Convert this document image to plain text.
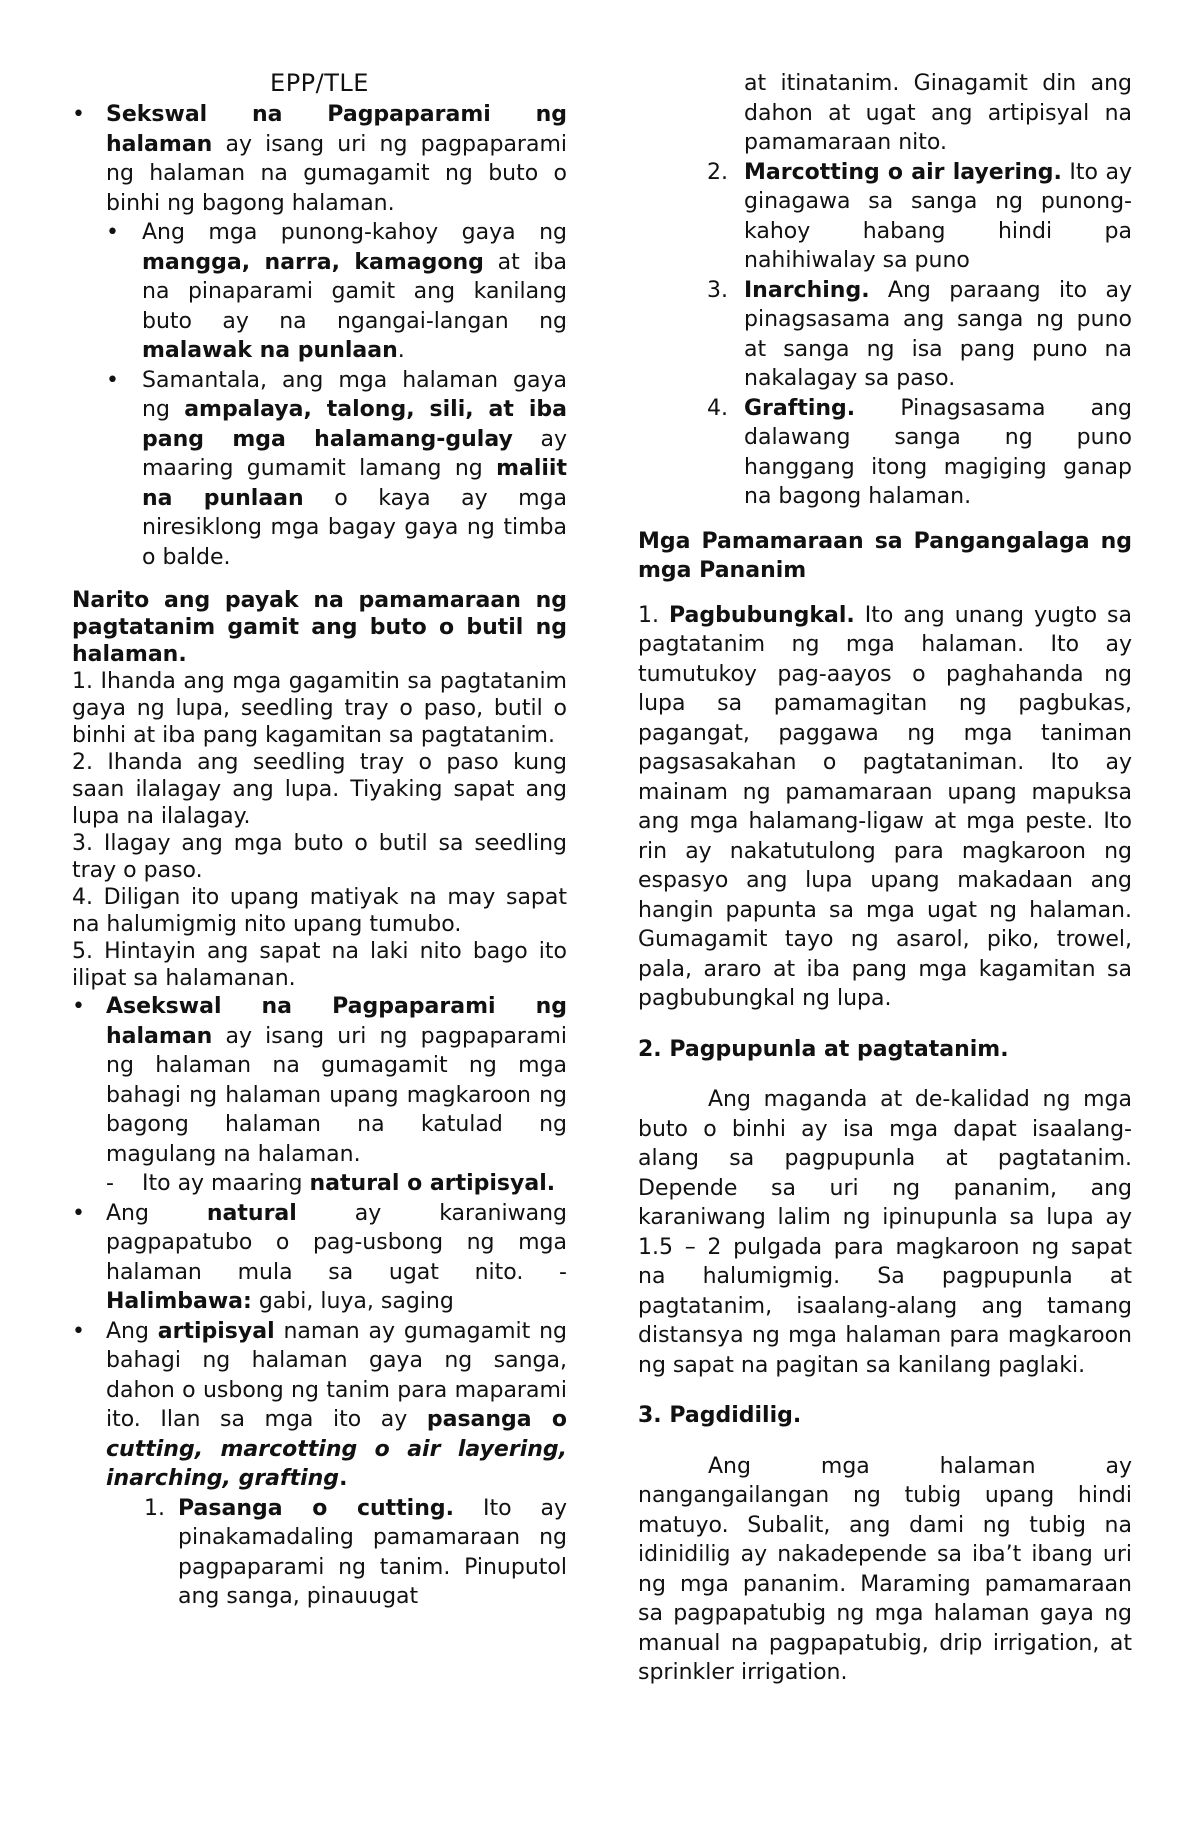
EPP/TLE

• Sekswal na Pagpaparami ng halaman ay isang uri ng pagpaparami ng halaman na gumagamit ng buto o binhi ng bagong halaman.

• Ang mga punong-kahoy gaya ng mangga, narra, kamagong at iba na pinaparami gamit ang kanilang buto ay na ngangai-langan ng malawak na punlaan.

• Samantala, ang mga halaman gaya ng ampalaya, talong, sili, at iba pang mga halamang-gulay ay maaring gumamit lamang ng maliit na punlaan o kaya ay mga niresiklong mga bagay gaya ng timba o balde.

Narito ang payak na pamamaraan ng pagtatanim gamit ang buto o butil ng halaman.

1. Ihanda ang mga gagamitin sa pagtatanim gaya ng lupa, seedling tray o paso, butil o binhi at iba pang kagamitan sa pagtatanim.

2. Ihanda ang seedling tray o paso kung saan ilalagay ang lupa. Tiyaking sapat ang lupa na ilalagay.

3. Ilagay ang mga buto o butil sa seedling tray o paso.

4. Diligan ito upang matiyak na may sapat na halumigmig nito upang tumubo.

5. Hintayin ang sapat na laki nito bago ito ilipat sa halamanan.

• Asekswal na Pagpaparami ng halaman ay isang uri ng pagpaparami ng halaman na gumagamit ng mga bahagi ng halaman upang magkaroon ng bagong halaman na katulad ng magulang na halaman.

- Ito ay maaring natural o artipisyal.

• Ang natural ay karaniwang pagpapatubo o pag-usbong ng mga halaman mula sa ugat nito. - Halimbawa: gabi, luya, saging

• Ang artipisyal naman ay gumagamit ng bahagi ng halaman gaya ng sanga, dahon o usbong ng tanim para maparami ito. Ilan sa mga ito ay pasanga o cutting, marcotting o air layering, inarching, grafting.

1. Pasanga o cutting. Ito ay pinakamadaling pamamaraan ng pagpaparami ng tanim. Pinuputol ang sanga, pinauugat

at itinatanim. Ginagamit din ang dahon at ugat ang artipisyal na pamamaraan nito.

2. Marcotting o air layering. Ito ay ginagawa sa sanga ng punong-kahoy habang hindi pa nahihiwalay sa puno

3. Inarching. Ang paraang ito ay pinagsasama ang sanga ng puno at sanga ng isa pang puno na nakalagay sa paso.

4. Grafting. Pinagsasama ang dalawang sanga ng puno hanggang itong magiging ganap na bagong halaman.

Mga Pamamaraan sa Pangangalaga ng mga Pananim

1. Pagbubungkal. Ito ang unang yugto sa pagtatanim ng mga halaman. Ito ay tumutukoy pag-aayos o paghahanda ng lupa sa pamamagitan ng pagbukas, pagangat, paggawa ng mga taniman pagsasakahan o pagtataniman. Ito ay mainam ng pamamaraan upang mapuksa ang mga halamang-ligaw at mga peste. Ito rin ay nakatutulong para magkaroon ng espasyo ang lupa upang makadaan ang hangin papunta sa mga ugat ng halaman. Gumagamit tayo ng asarol, piko, trowel, pala, araro at iba pang mga kagamitan sa pagbubungkal ng lupa.

2. Pagpupunla at pagtatanim.

Ang maganda at de-kalidad ng mga buto o binhi ay isa mga dapat isaalang-alang sa pagpupunla at pagtatanim. Depende sa uri ng pananim, ang karaniwang lalim ng ipinupunla sa lupa ay 1.5 – 2 pulgada para magkaroon ng sapat na halumigmig. Sa pagpupunla at pagtatanim, isaalang-alang ang tamang distansya ng mga halaman para magkaroon ng sapat na pagitan sa kanilang paglaki.

3. Pagdidilig.

Ang mga halaman ay nangangailangan ng tubig upang hindi matuyo. Subalit, ang dami ng tubig na idinidilig ay nakadepende sa iba’t ibang uri ng mga pananim. Maraming pamamaraan sa pagpapatubig ng mga halaman gaya ng manual na pagpapatubig, drip irrigation, at sprinkler irrigation.
